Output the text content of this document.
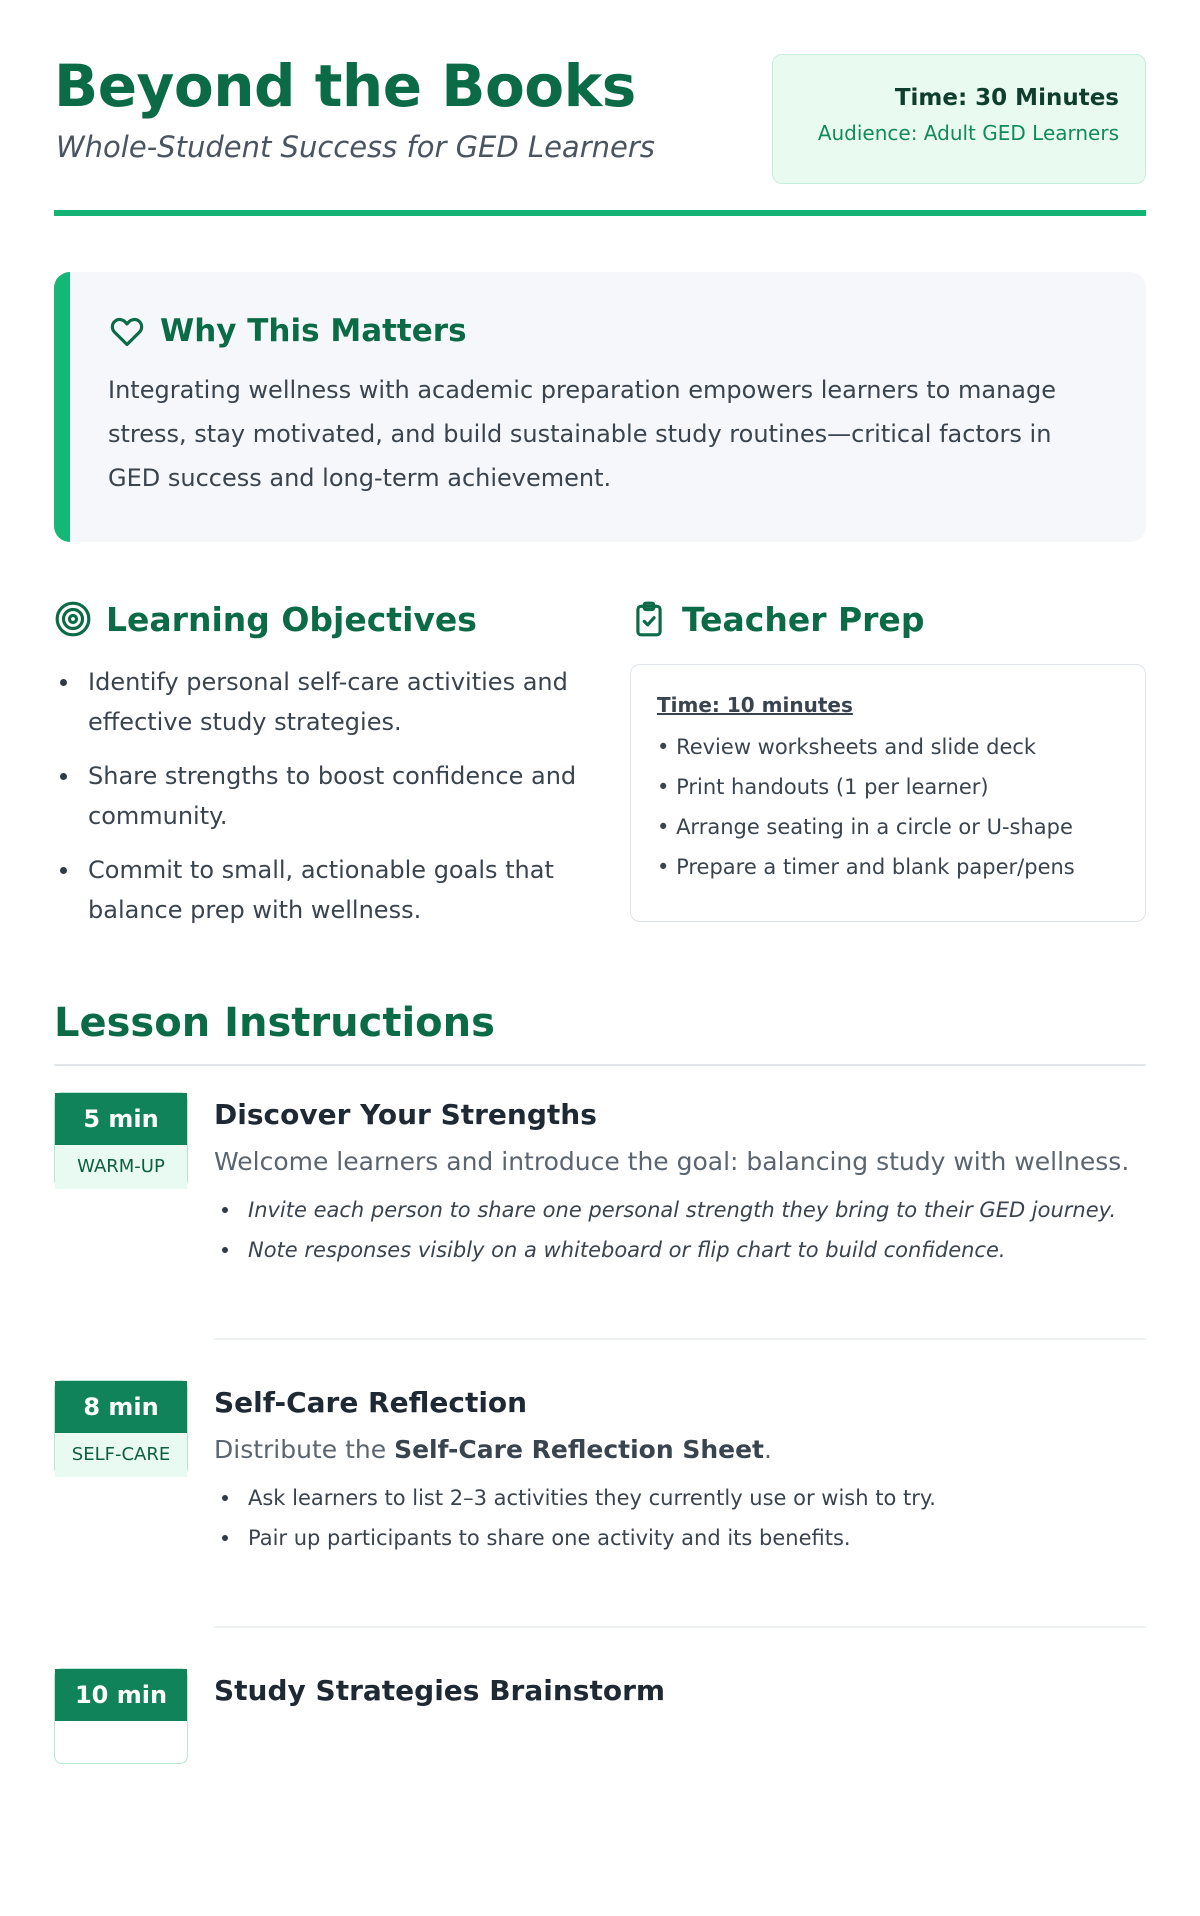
Beyond the Books
Whole-Student Success for GED Learners
Time: 30 Minutes
Audience: Adult GED Learners
Why This Matters

Integrating wellness with academic preparation empowers learners to manage stress, stay motivated, and build sustainable study routines—critical factors in GED success and long-term achievement.

Learning Objectives
Identify personal self-care activities and effective study strategies.
Share strengths to boost confidence and community.
Commit to small, actionable goals that balance prep with wellness.
Teacher Prep
Time: 10 minutes
• Review worksheets and slide deck
• Print handouts (1 per learner)
• Arrange seating in a circle or U-shape
• Prepare a timer and blank paper/pens
Lesson Instructions
5 min
WARM-UP
Discover Your Strengths

Welcome learners and introduce the goal: balancing study with wellness.

Invite each person to share one personal strength they bring to their GED journey.
Note responses visibly on a whiteboard or flip chart to build confidence.
8 min
SELF-CARE
Self-Care Reflection

Distribute the Self-Care Reflection Sheet.

Ask learners to list 2–3 activities they currently use or wish to try.
Pair up participants to share one activity and its benefits.
10 min	Study Strategies Brainstorm
